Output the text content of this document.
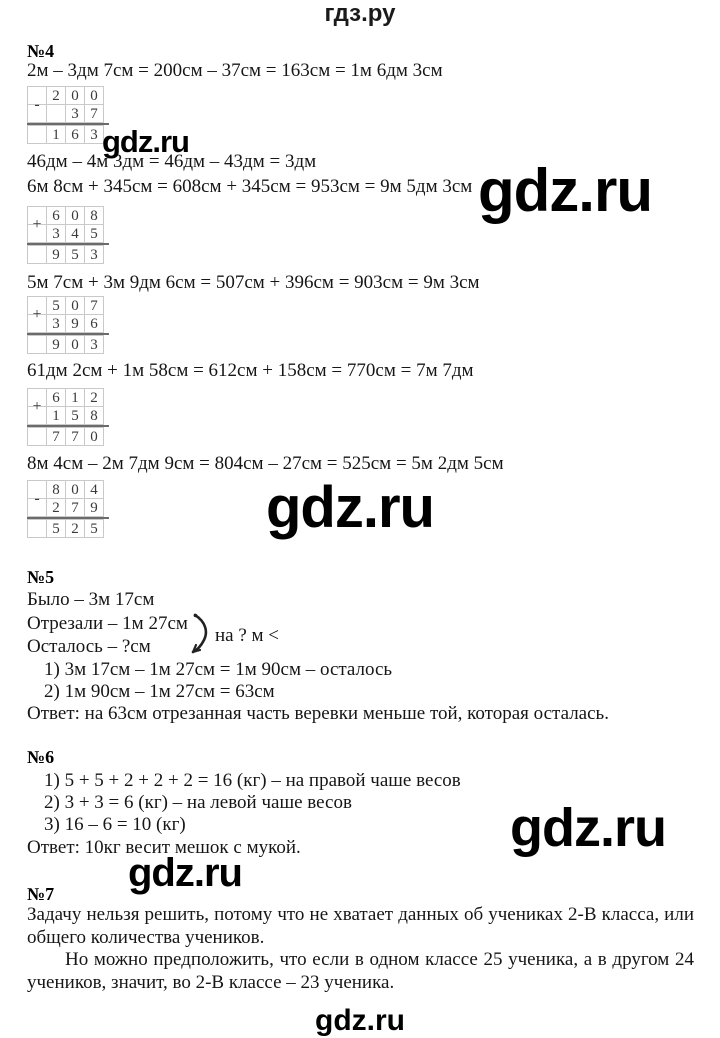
гдз.ру
№4
2м – 3дм 7см = 200см – 37см = 163см = 1м 6дм 3см
2 0 0
3 7
1 6 3
-
46дм – 4м 3дм = 46дм – 43дм = 3дм
6м 8см + 345см = 608см + 345см = 953см = 9м 5дм 3см
6 0 8
3 4 5
9 5 3
+
5м 7см + 3м 9дм 6см = 507см + 396см = 903см = 9м 3см
5 0 7
3 9 6
9 0 3
+
61дм 2см + 1м 58см = 612см + 158см = 770см = 7м 7дм
6 1 2
1 5 8
7 7 0
+
8м 4см – 2м 7дм 9см = 804см – 27см = 525см = 5м 2дм 5см
8 0 4
2 7 9
5 2 5
-
№5
Было – 3м 17см
Отрезали – 1м 27см
Осталось – ?см
на ? м <
1) 3м 17см – 1м 27см = 1м 90см – осталось
2) 1м 90см – 1м 27см = 63см
Ответ: на 63см отрезанная часть веревки меньше той, которая осталась.
№6
1) 5 + 5 + 2 + 2 + 2 = 16 (кг) – на правой чаше весов
2) 3 + 3 = 6 (кг) – на левой чаше весов
3) 16 – 6 = 10 (кг)
Ответ: 10кг весит мешок с мукой.
№7
Задачу нельзя решить, потому что не хватает данных об учениках 2-В класса, или общего количества учеников.
Но можно предположить, что если в одном классе 25 ученика, а в другом 24 учеников, значит, во 2-В классе – 23 ученика.
gdz.ru
gdz.ru
gdz.ru
gdz.ru
gdz.ru
gdz.ru
